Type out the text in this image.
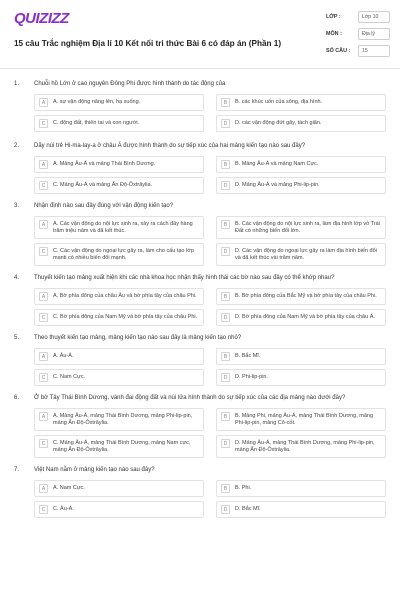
QUIZIZZ
15 câu Trắc nghiệm Địa lí 10 Kết nối tri thức Bài 6 có đáp án (Phần 1)
LỚP :	Lớp 10
MÔN :	Địa lý
SỐ CÂU :	15
1.	Chuỗi hồ Lớn ở cao nguyên Đông Phi được hình thành do tác động của
A	A. sự vận động nâng lên, hạ xuống.	B	B. các khúc uốn của sông, địa hình.
C	C. động đất, thiên tai và con người.	D	D. các vận động đứt gãy, tách giãn.
2.	Dãy núi trẻ Hi-ma-lay-a ở châu Á được hình thành do sự tiếp xúc của hai mảng kiến tạo nào sau đây?
A	A. Mảng Âu-Á và mảng Thái Bình Dương.	B	B. Mảng Âu-Á và mảng Nam Cực.
C	C. Mảng Âu-Á và mảng Ấn Độ-Ôxtrâylia.	D	D. Mảng Âu-Á và mảng Phi-lip-pin.
3.	Nhận định nào sau đây đúng với vận động kiến tạo?
A	A. Các vận động do nội lực sinh ra, xảy ra cách đây hàng trăm triệu năm và đã kết thúc.
B	B. Các vận động do nội lực sinh ra, làm địa hình lớp vỏ Trái Đất có những biến đổi lớn.
C	C. Các vận động do ngoại lực gây ra, làm cho cấu tạo lớp manti có nhiều biến đổi mạnh.
D	D. Các vận động do ngoại lực gây ra làm địa hình biến đổi và đã kết thúc vài trăm năm.
4.	Thuyết kiến tạo mảng xuất hiện khi các nhà khoa học nhận thấy hình thái các bờ nào sau đây có thể khớp nhau?
A	A. Bờ phía đông của châu Âu và bờ phía tây của châu Phi.	B	B. Bờ phía đông của Bắc Mỹ và bờ phía tây của châu Phi.
C	C. Bờ phía đông của Nam Mỹ và bờ phía tây của châu Phi.	D	D. Bờ phía đông của Nam Mỹ và bờ phía tây của châu Á.
5.	Theo thuyết kiến tạo mảng, mảng kiến tạo nào sau đây là mảng kiến tạo nhỏ?
A	A. Âu-Á.	B	B. Bắc Mĩ.
C	C. Nam Cực.	D	D. Phi-lip-pin.
6.	Ở bờ Tây Thái Bình Dương, vành đai động đất và núi lửa hình thành do sự tiếp xúc của các địa mảng nào dưới đây?
A	A. Mảng Âu-Á, mảng Thái Bình Dương, mảng Phi-lip-pin, mảng Ấn Độ-Ôxtrâylia.
B	B. Mảng Phi, mảng Âu-Á, mảng Thái Bình Dương, mảng Phi-lip-pin, mảng Cô-cốt.
C	C. Mảng Âu-Á, mảng Thái Bình Dương, mảng Nam cực, mảng Ấn Độ-Ôxtrâylia.
D	D. Mảng Âu-Á, mảng Thái Bình Dương, mảng Phi-lip-pin, mảng Ấn Độ-Ôxtrâylia.
7.	Việt Nam nằm ở mảng kiến tạo nào sau đây?
A	A. Nam Cực.	B	B. Phi.
C	C. Âu-Á.	D	D. Bắc Mĩ.
